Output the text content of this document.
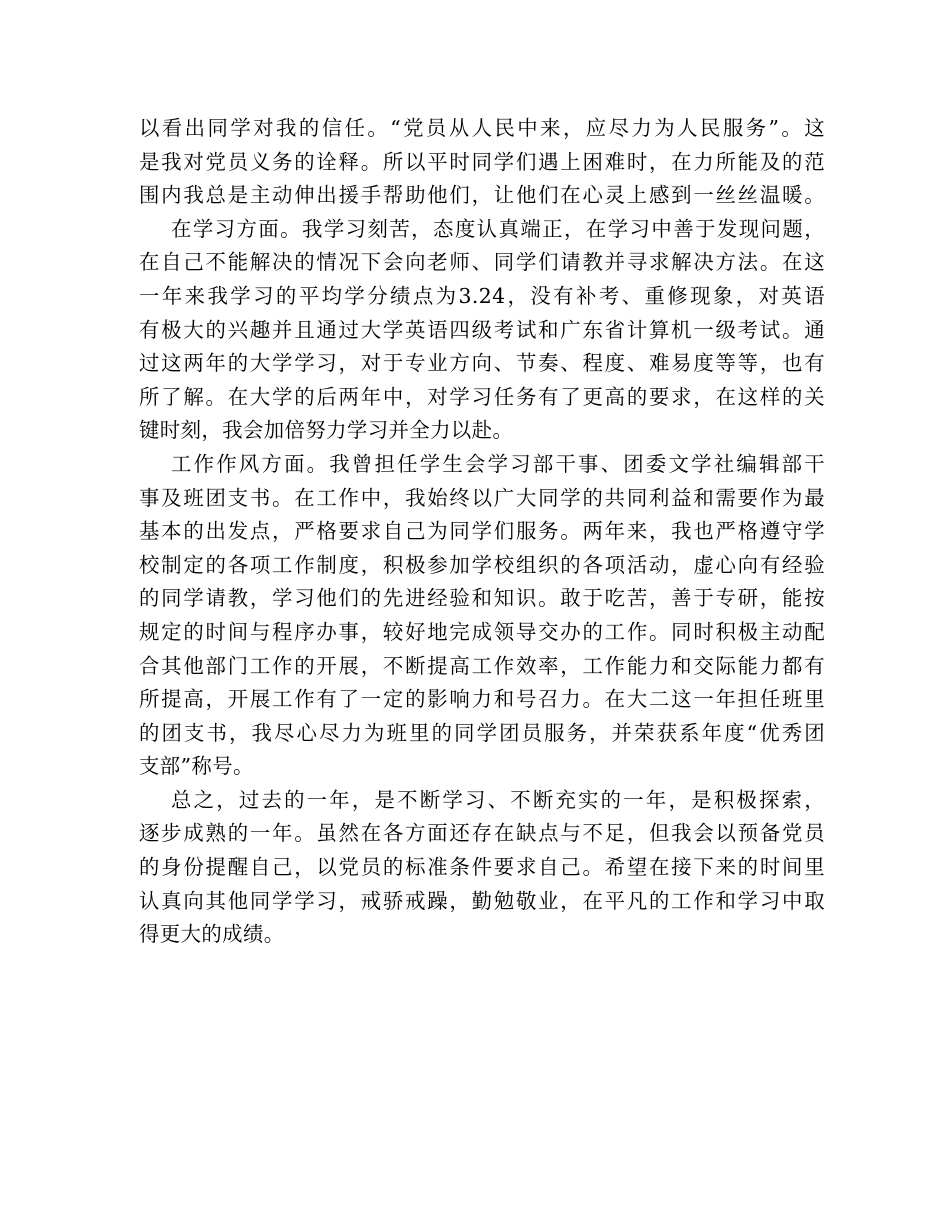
以看出同学对我的信任。“党员从人民中来，应尽力为人民服务”。这
是我对党员义务的诠释。所以平时同学们遇上困难时，在力所能及的范
围内我总是主动伸出援手帮助他们，让他们在心灵上感到一丝丝温暖。
在学习方面。我学习刻苦，态度认真端正，在学习中善于发现问题，
在自己不能解决的情况下会向老师、同学们请教并寻求解决方法。在这
一年来我学习的平均学分绩点为3.24，没有补考、重修现象，对英语
有极大的兴趣并且通过大学英语四级考试和广东省计算机一级考试。通
过这两年的大学学习，对于专业方向、节奏、程度、难易度等等，也有
所了解。在大学的后两年中，对学习任务有了更高的要求，在这样的关
键时刻，我会加倍努力学习并全力以赴。
工作作风方面。我曾担任学生会学习部干事、团委文学社编辑部干
事及班团支书。在工作中，我始终以广大同学的共同利益和需要作为最
基本的出发点，严格要求自己为同学们服务。两年来，我也严格遵守学
校制定的各项工作制度，积极参加学校组织的各项活动，虚心向有经验
的同学请教，学习他们的先进经验和知识。敢于吃苦，善于专研，能按
规定的时间与程序办事，较好地完成领导交办的工作。同时积极主动配
合其他部门工作的开展，不断提高工作效率，工作能力和交际能力都有
所提高，开展工作有了一定的影响力和号召力。在大二这一年担任班里
的团支书，我尽心尽力为班里的同学团员服务，并荣获系年度“优秀团
支部”称号。
总之，过去的一年，是不断学习、不断充实的一年，是积极探索，
逐步成熟的一年。虽然在各方面还存在缺点与不足，但我会以预备党员
的身份提醒自己，以党员的标准条件要求自己。希望在接下来的时间里
认真向其他同学学习，戒骄戒躁，勤勉敬业，在平凡的工作和学习中取
得更大的成绩。
